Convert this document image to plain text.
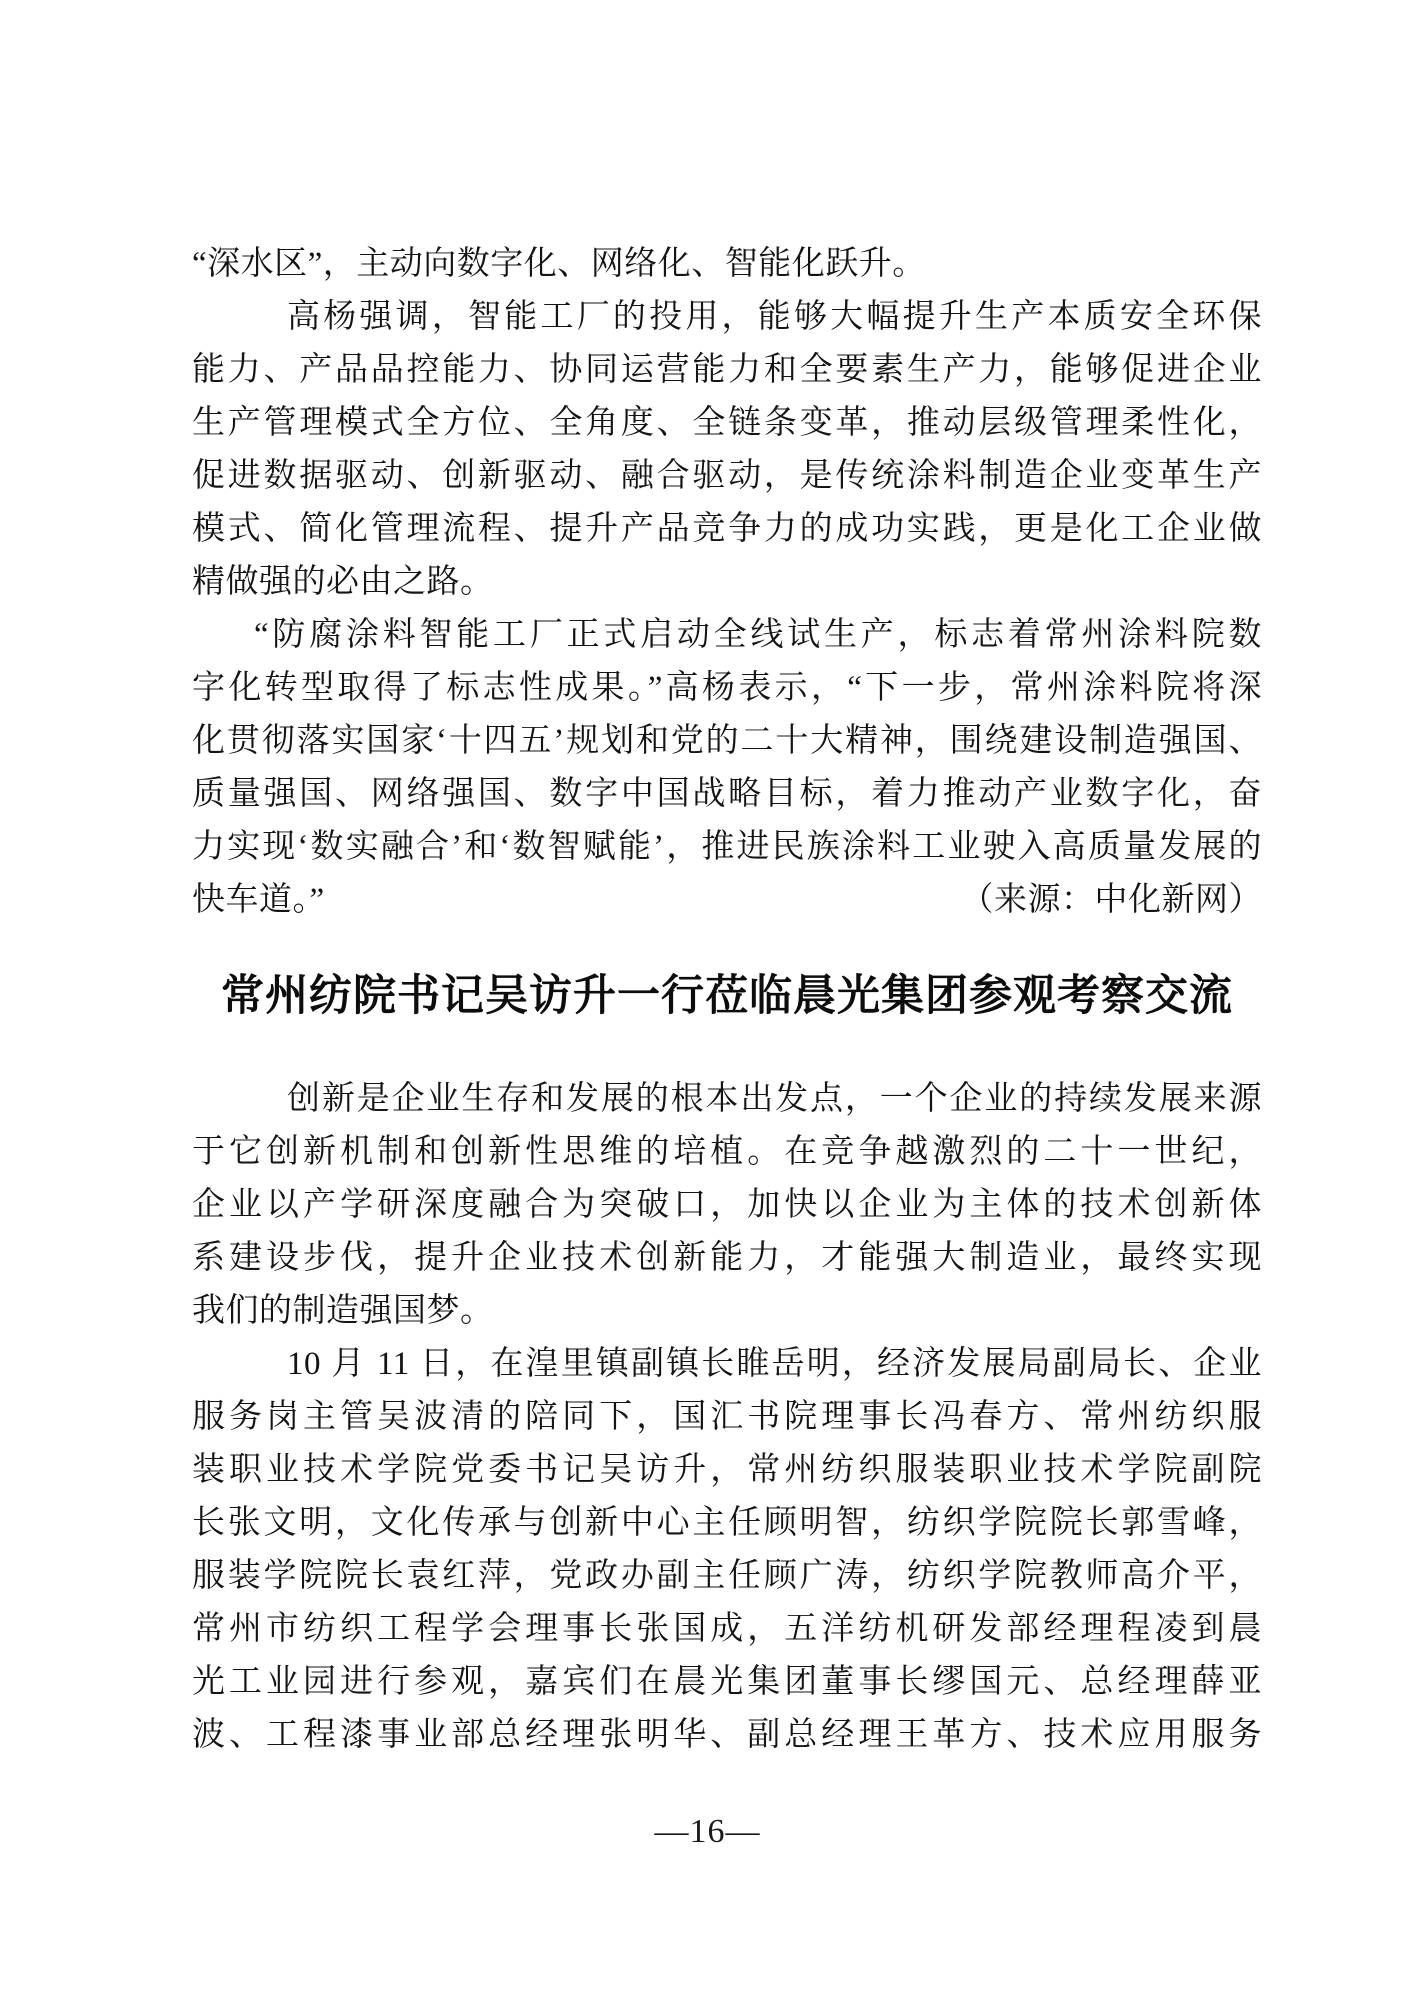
“深水区”，主动向数字化、网络化、智能化跃升。
高杨强调，智能工厂的投用，能够大幅提升生产本质安全环保
能力、产品品控能力、协同运营能力和全要素生产力，能够促进企业
生产管理模式全方位、全角度、全链条变革，推动层级管理柔性化，
促进数据驱动、创新驱动、融合驱动，是传统涂料制造企业变革生产
模式、简化管理流程、提升产品竞争力的成功实践，更是化工企业做
精做强的必由之路。
“防腐涂料智能工厂正式启动全线试生产，标志着常州涂料院数
字化转型取得了标志性成果。”高杨表示，“下一步，常州涂料院将深
化贯彻落实国家‘十四五’规划和党的二十大精神，围绕建设制造强国、
质量强国、网络强国、数字中国战略目标，着力推动产业数字化，奋
力实现‘数实融合’和‘数智赋能’，推进民族涂料工业驶入高质量发展的
快车道。”	（来源：中化新网）
常州纺院书记吴访升一行莅临晨光集团参观考察交流
创新是企业生存和发展的根本出发点，一个企业的持续发展来源
于它创新机制和创新性思维的培植。在竞争越激烈的二十一世纪，
企业以产学研深度融合为突破口，加快以企业为主体的技术创新体
系建设步伐，提升企业技术创新能力，才能强大制造业，最终实现
我们的制造强国梦。
10 月 11 日，在湟里镇副镇长睢岳明，经济发展局副局长、企业
服务岗主管吴波清的陪同下，国汇书院理事长冯春方、常州纺织服
装职业技术学院党委书记吴访升，常州纺织服装职业技术学院副院
长张文明，文化传承与创新中心主任顾明智，纺织学院院长郭雪峰，
服装学院院长袁红萍，党政办副主任顾广涛，纺织学院教师高介平，
常州市纺织工程学会理事长张国成，五洋纺机研发部经理程凌到晨
光工业园进行参观，嘉宾们在晨光集团董事长缪国元、总经理薛亚
波、工程漆事业部总经理张明华、副总经理王革方、技术应用服务
—16—
